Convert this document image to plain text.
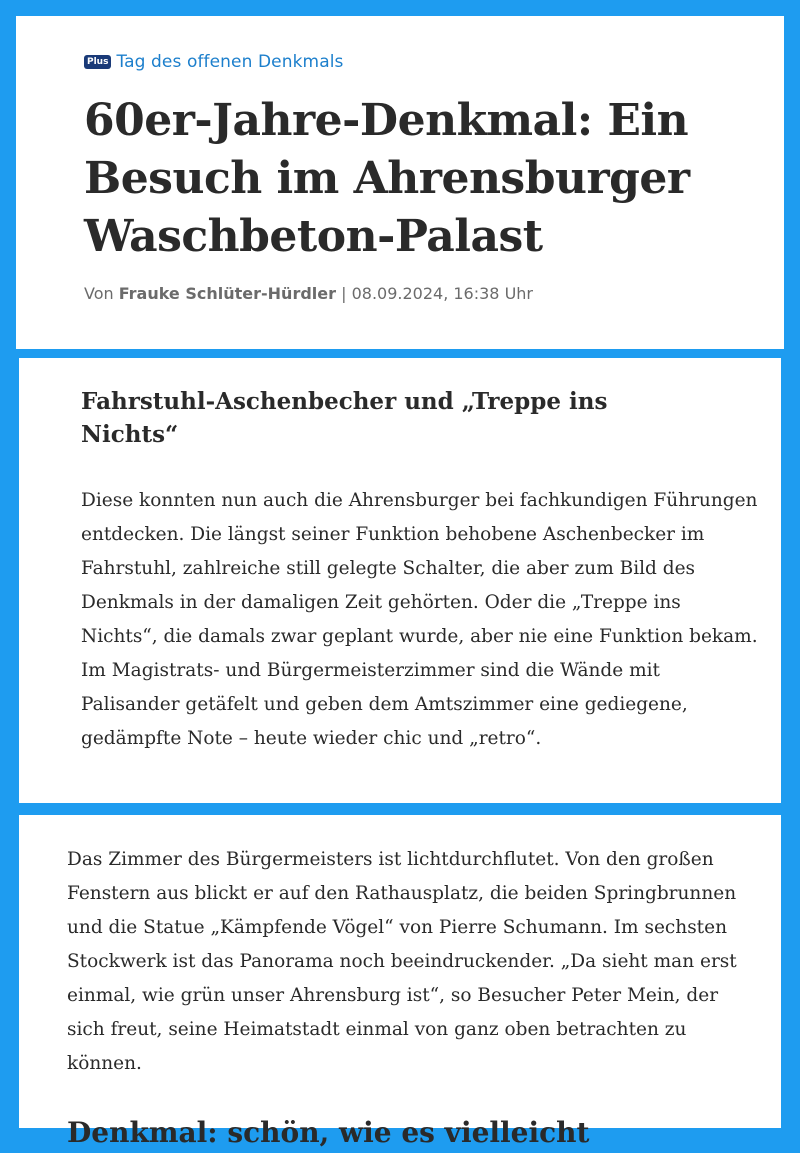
Plus Tag des offenen Denkmals
60er-Jahre-Denkmal: Ein Besuch im Ahrensburger Waschbeton-Palast
Von Frauke Schlüter-Hürdler | 08.09.2024, 16:38 Uhr
Fahrstuhl-Aschenbecher und „Treppe ins Nichts“

Diese konnten nun auch die Ahrensburger bei fachkundigen Führungen entdecken. Die längst seiner Funktion behobene Aschenbecker im Fahrstuhl, zahlreiche still gelegte Schalter, die aber zum Bild des Denkmals in der damaligen Zeit gehörten. Oder die „Treppe ins Nichts“, die damals zwar geplant wurde, aber nie eine Funktion bekam. Im Magistrats- und Bürgermeisterzimmer sind die Wände mit Palisander getäfelt und geben dem Amtszimmer eine gediegene, gedämpfte Note – heute wieder chic und „retro“.

Das Zimmer des Bürgermeisters ist lichtdurchflutet. Von den großen Fenstern aus blickt er auf den Rathausplatz, die beiden Springbrunnen und die Statue „Kämpfende Vögel“ von Pierre Schumann. Im sechsten Stockwerk ist das Panorama noch beeindruckender. „Da sieht man erst einmal, wie grün unser Ahrensburg ist“, so Besucher Peter Mein, der sich freut, seine Heimatstadt einmal von ganz oben betrachten zu können.

Denkmal: schön, wie es vielleicht
